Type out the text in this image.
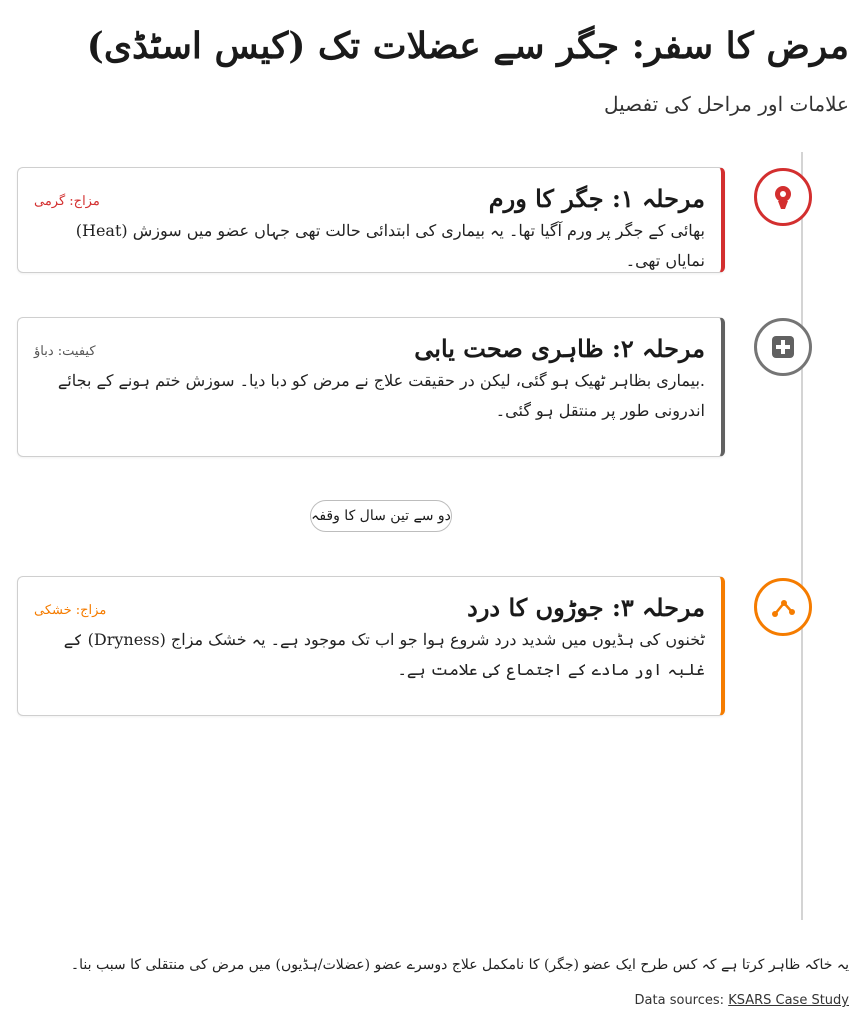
مرض کا سفر: جگر سے عضلات تک (کیس اسٹڈی)
علامات اور مراحل کی تفصیل
مرحلہ ۱: جگر کا ورم
مزاج: گرمی
بھائی کے جگر پر ورم آگیا تھا۔ یہ بیماری کی ابتدائی حالت تھی جہاں عضو میں سوزش (Heat) نمایاں تھی۔
مرحلہ ۲: ظاہری صحت یابی
کیفیت: دباؤ
.بیماری بظاہر ٹھیک ہو گئی، لیکن در حقیقت علاج نے مرض کو دبا دیا۔ سوزش ختم ہونے کے بجائے اندرونی طور پر منتقل ہو گئی۔
دو سے تین سال کا وقفہ
مرحلہ ۳: جوڑوں کا درد
مزاج: خشکی
ٹخنوں کی ہڈیوں میں شدید درد شروع ہوا جو اب تک موجود ہے۔ یہ خشک مزاج (Dryness) کے غلبہ اور مادے کے اجتماع کی علامت ہے۔
یہ خاکہ ظاہر کرتا ہے کہ کس طرح ایک عضو (جگر) کا نامکمل علاج دوسرے عضو (عضلات/ہڈیوں) میں مرض کی منتقلی کا سبب بنا۔
Data sources: KSARS Case Study
